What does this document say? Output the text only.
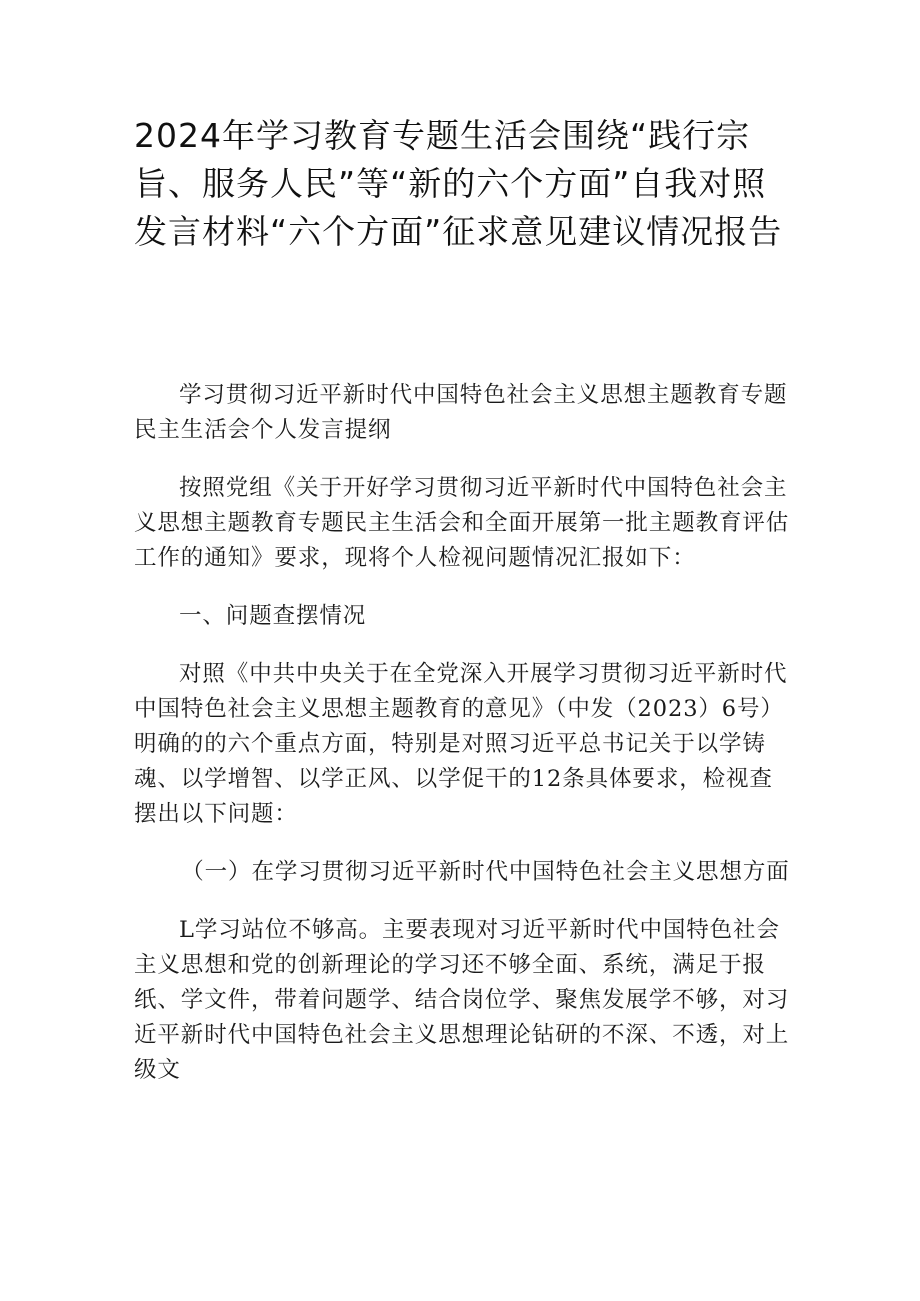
2024年学习教育专题生活会围绕“践行宗旨、服务人民”等“新的六个方面”自我对照发言材料“六个方面”征求意见建议情况报告

学习贯彻习近平新时代中国特色社会主义思想主题教育专题民主生活会个人发言提纲

按照党组《关于开好学习贯彻习近平新时代中国特色社会主义思想主题教育专题民主生活会和全面开展第一批主题教育评估工作的通知》要求，现将个人检视问题情况汇报如下：

一、问题查摆情况

对照《中共中央关于在全党深入开展学习贯彻习近平新时代中国特色社会主义思想主题教育的意见》（中发（2023）6号）明确的的六个重点方面，特别是对照习近平总书记关于以学铸魂、以学增智、以学正风、以学促干的12条具体要求，检视查摆出以下问题：

（一）在学习贯彻习近平新时代中国特色社会主义思想方面

L学习站位不够高。主要表现对习近平新时代中国特色社会主义思想和党的创新理论的学习还不够全面、系统，满足于报纸、学文件，带着问题学、结合岗位学、聚焦发展学不够，对习近平新时代中国特色社会主义思想理论钻研的不深、不透，对上级文
